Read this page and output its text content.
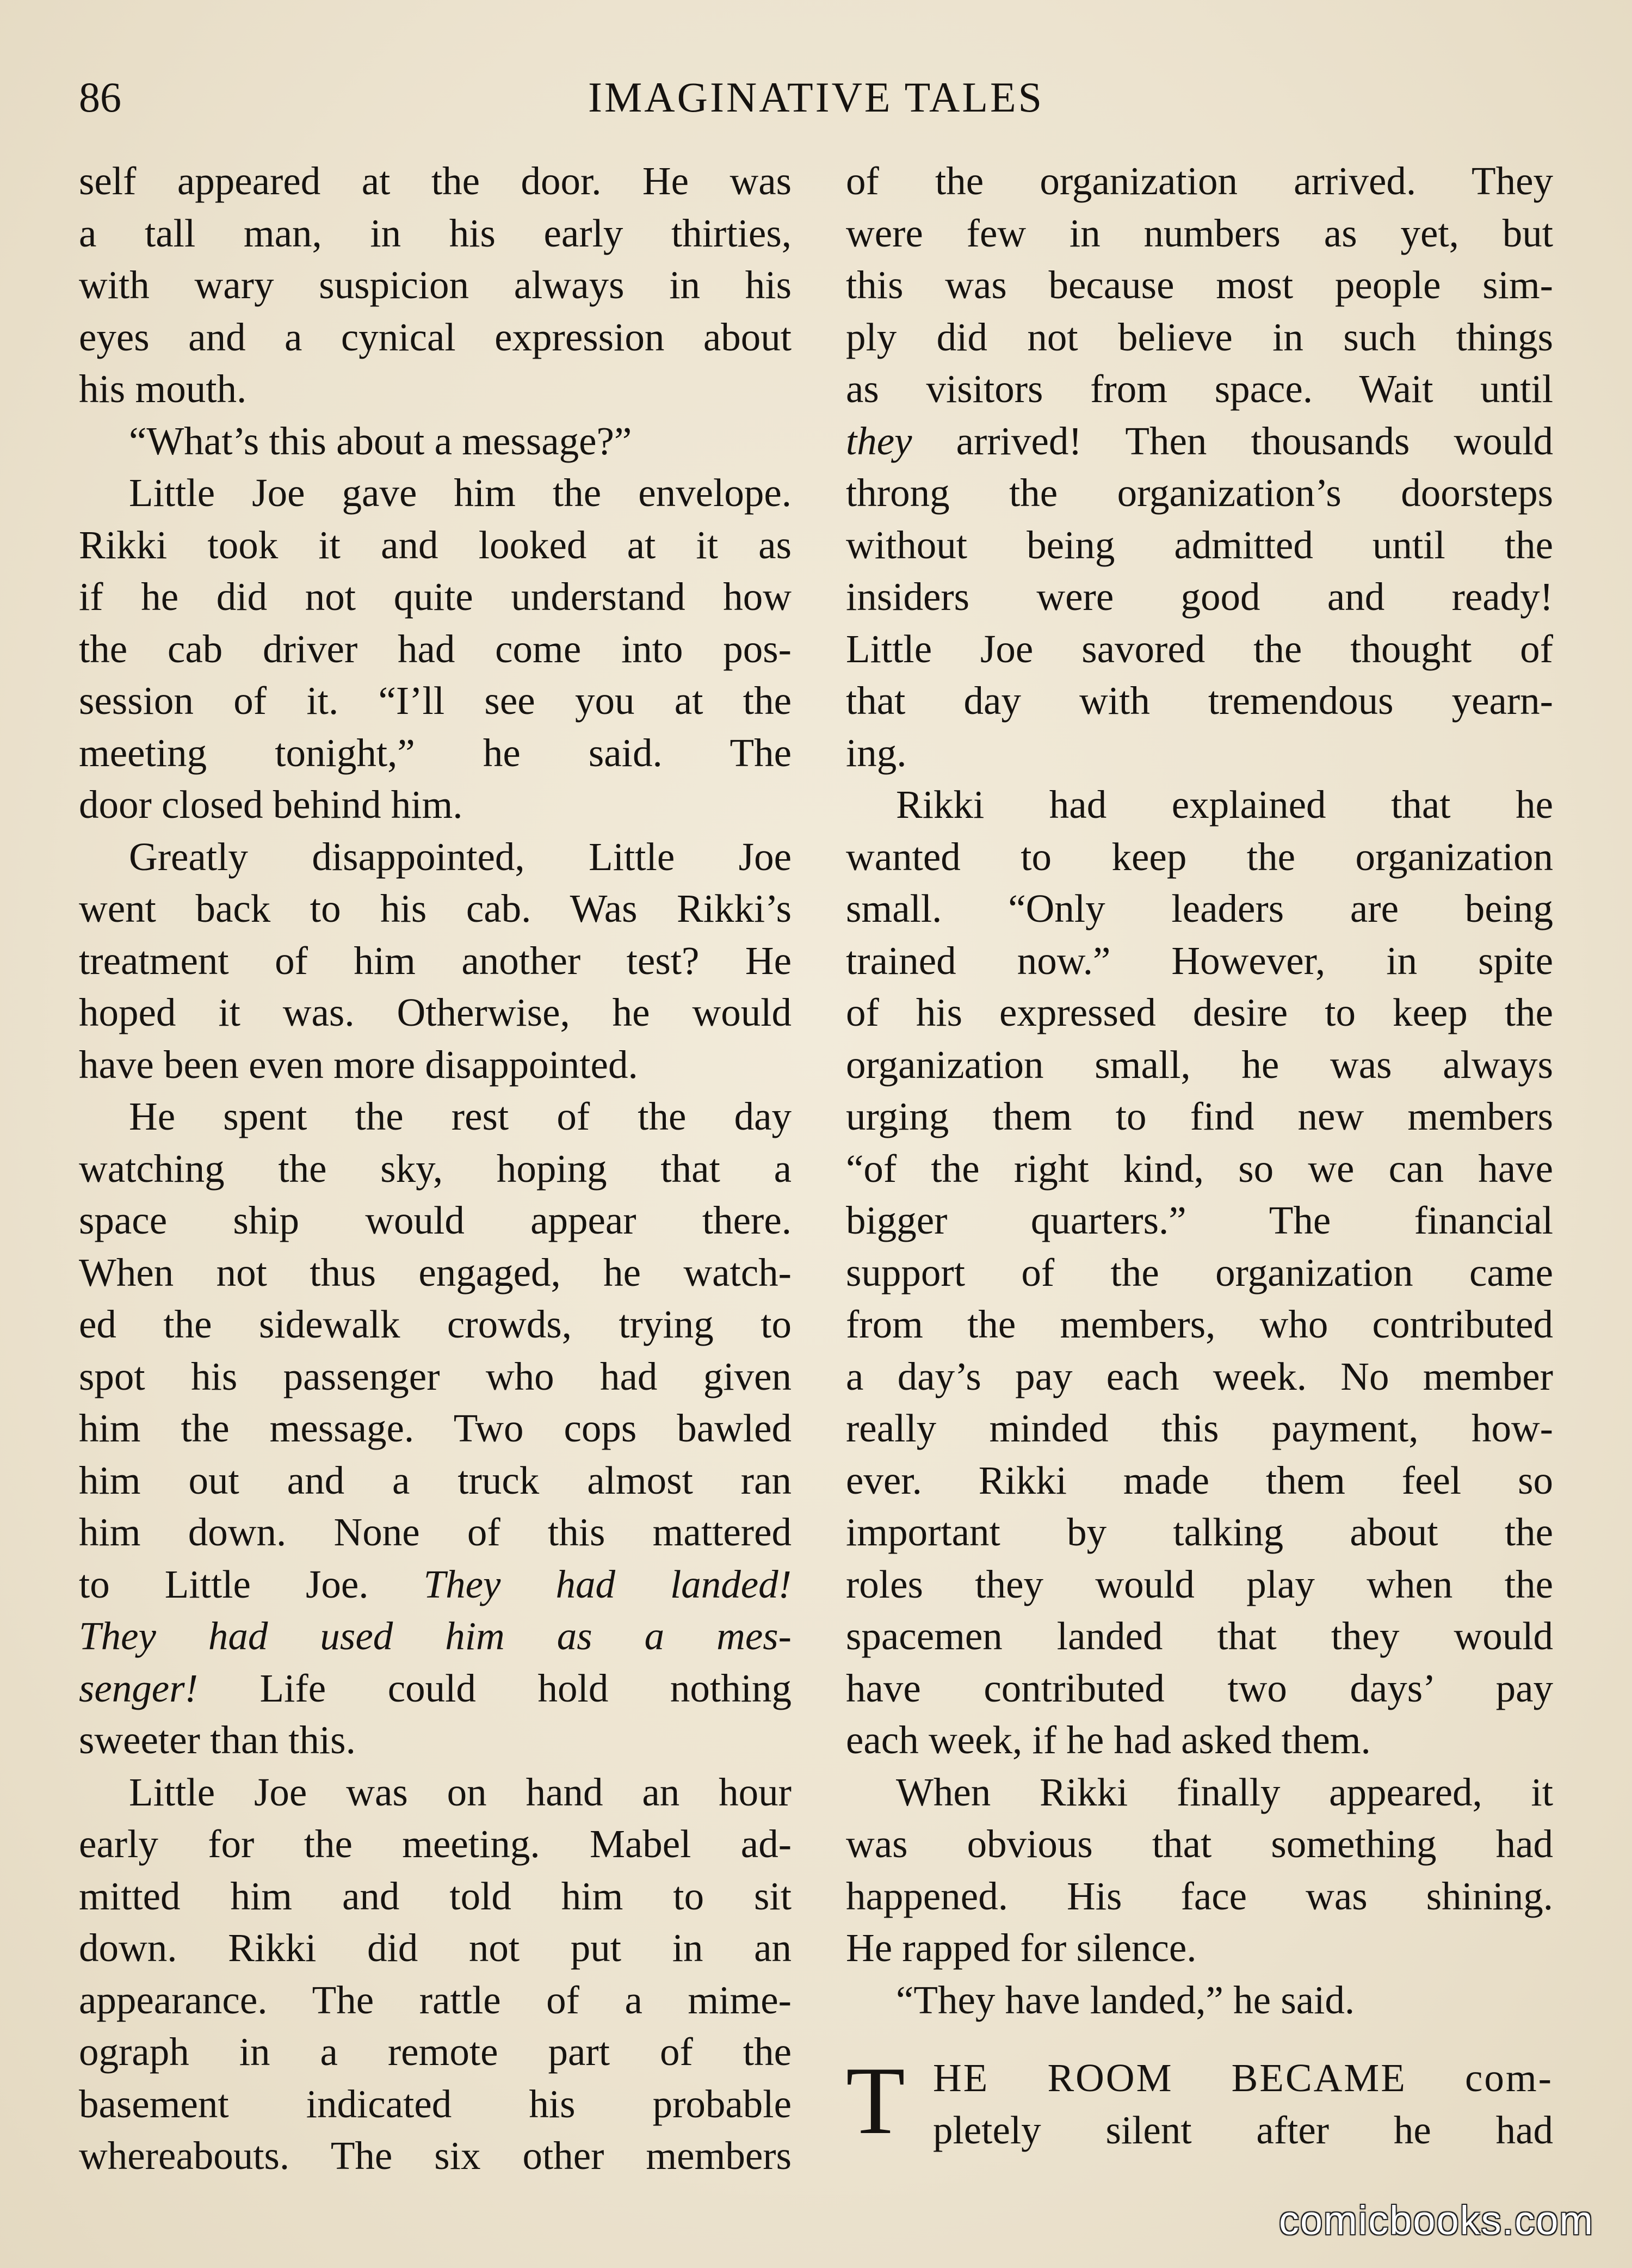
86	IMAGINATIVE TALES
self appeared at the door. He was
a tall man, in his early thirties,
with wary suspicion always in his
eyes and a cynical expression about
his mouth.
“What’s this about a message?”
Little Joe gave him the envelope.
Rikki took it and looked at it as
if he did not quite understand how
the cab driver had come into pos-
session of it. “I’ll see you at the
meeting tonight,” he said. The
door closed behind him.
Greatly disappointed, Little Joe
went back to his cab. Was Rikki’s
treatment of him another test? He
hoped it was. Otherwise, he would
have been even more disappointed.
He spent the rest of the day
watching the sky, hoping that a
space ship would appear there.
When not thus engaged, he watch-
ed the sidewalk crowds, trying to
spot his passenger who had given
him the message. Two cops bawled
him out and a truck almost ran
him down. None of this mattered
to Little Joe. They had landed!
They had used him as a mes-
senger! Life could hold nothing
sweeter than this.
Little Joe was on hand an hour
early for the meeting. Mabel ad-
mitted him and told him to sit
down. Rikki did not put in an
appearance. The rattle of a mime-
ograph in a remote part of the
basement indicated his probable
whereabouts. The six other members
of the organization arrived. They
were few in numbers as yet, but
this was because most people sim-
ply did not believe in such things
as visitors from space. Wait until
they arrived! Then thousands would
throng the organization’s doorsteps
without being admitted until the
insiders were good and ready!
Little Joe savored the thought of
that day with tremendous yearn-
ing.
Rikki had explained that he
wanted to keep the organization
small. “Only leaders are being
trained now.” However, in spite
of his expressed desire to keep the
organization small, he was always
urging them to find new members
“of the right kind, so we can have
bigger quarters.” The financial
support of the organization came
from the members, who contributed
a day’s pay each week. No member
really minded this payment, how-
ever. Rikki made them feel so
important by talking about the
roles they would play when the
spacemen landed that they would
have contributed two days’ pay
each week, if he had asked them.
When Rikki finally appeared, it
was obvious that something had
happened. His face was shining.
He rapped for silence.
“They have landed,” he said.
T HE ROOM BECAME com-
pletely silent after he had
comicbooks.com
